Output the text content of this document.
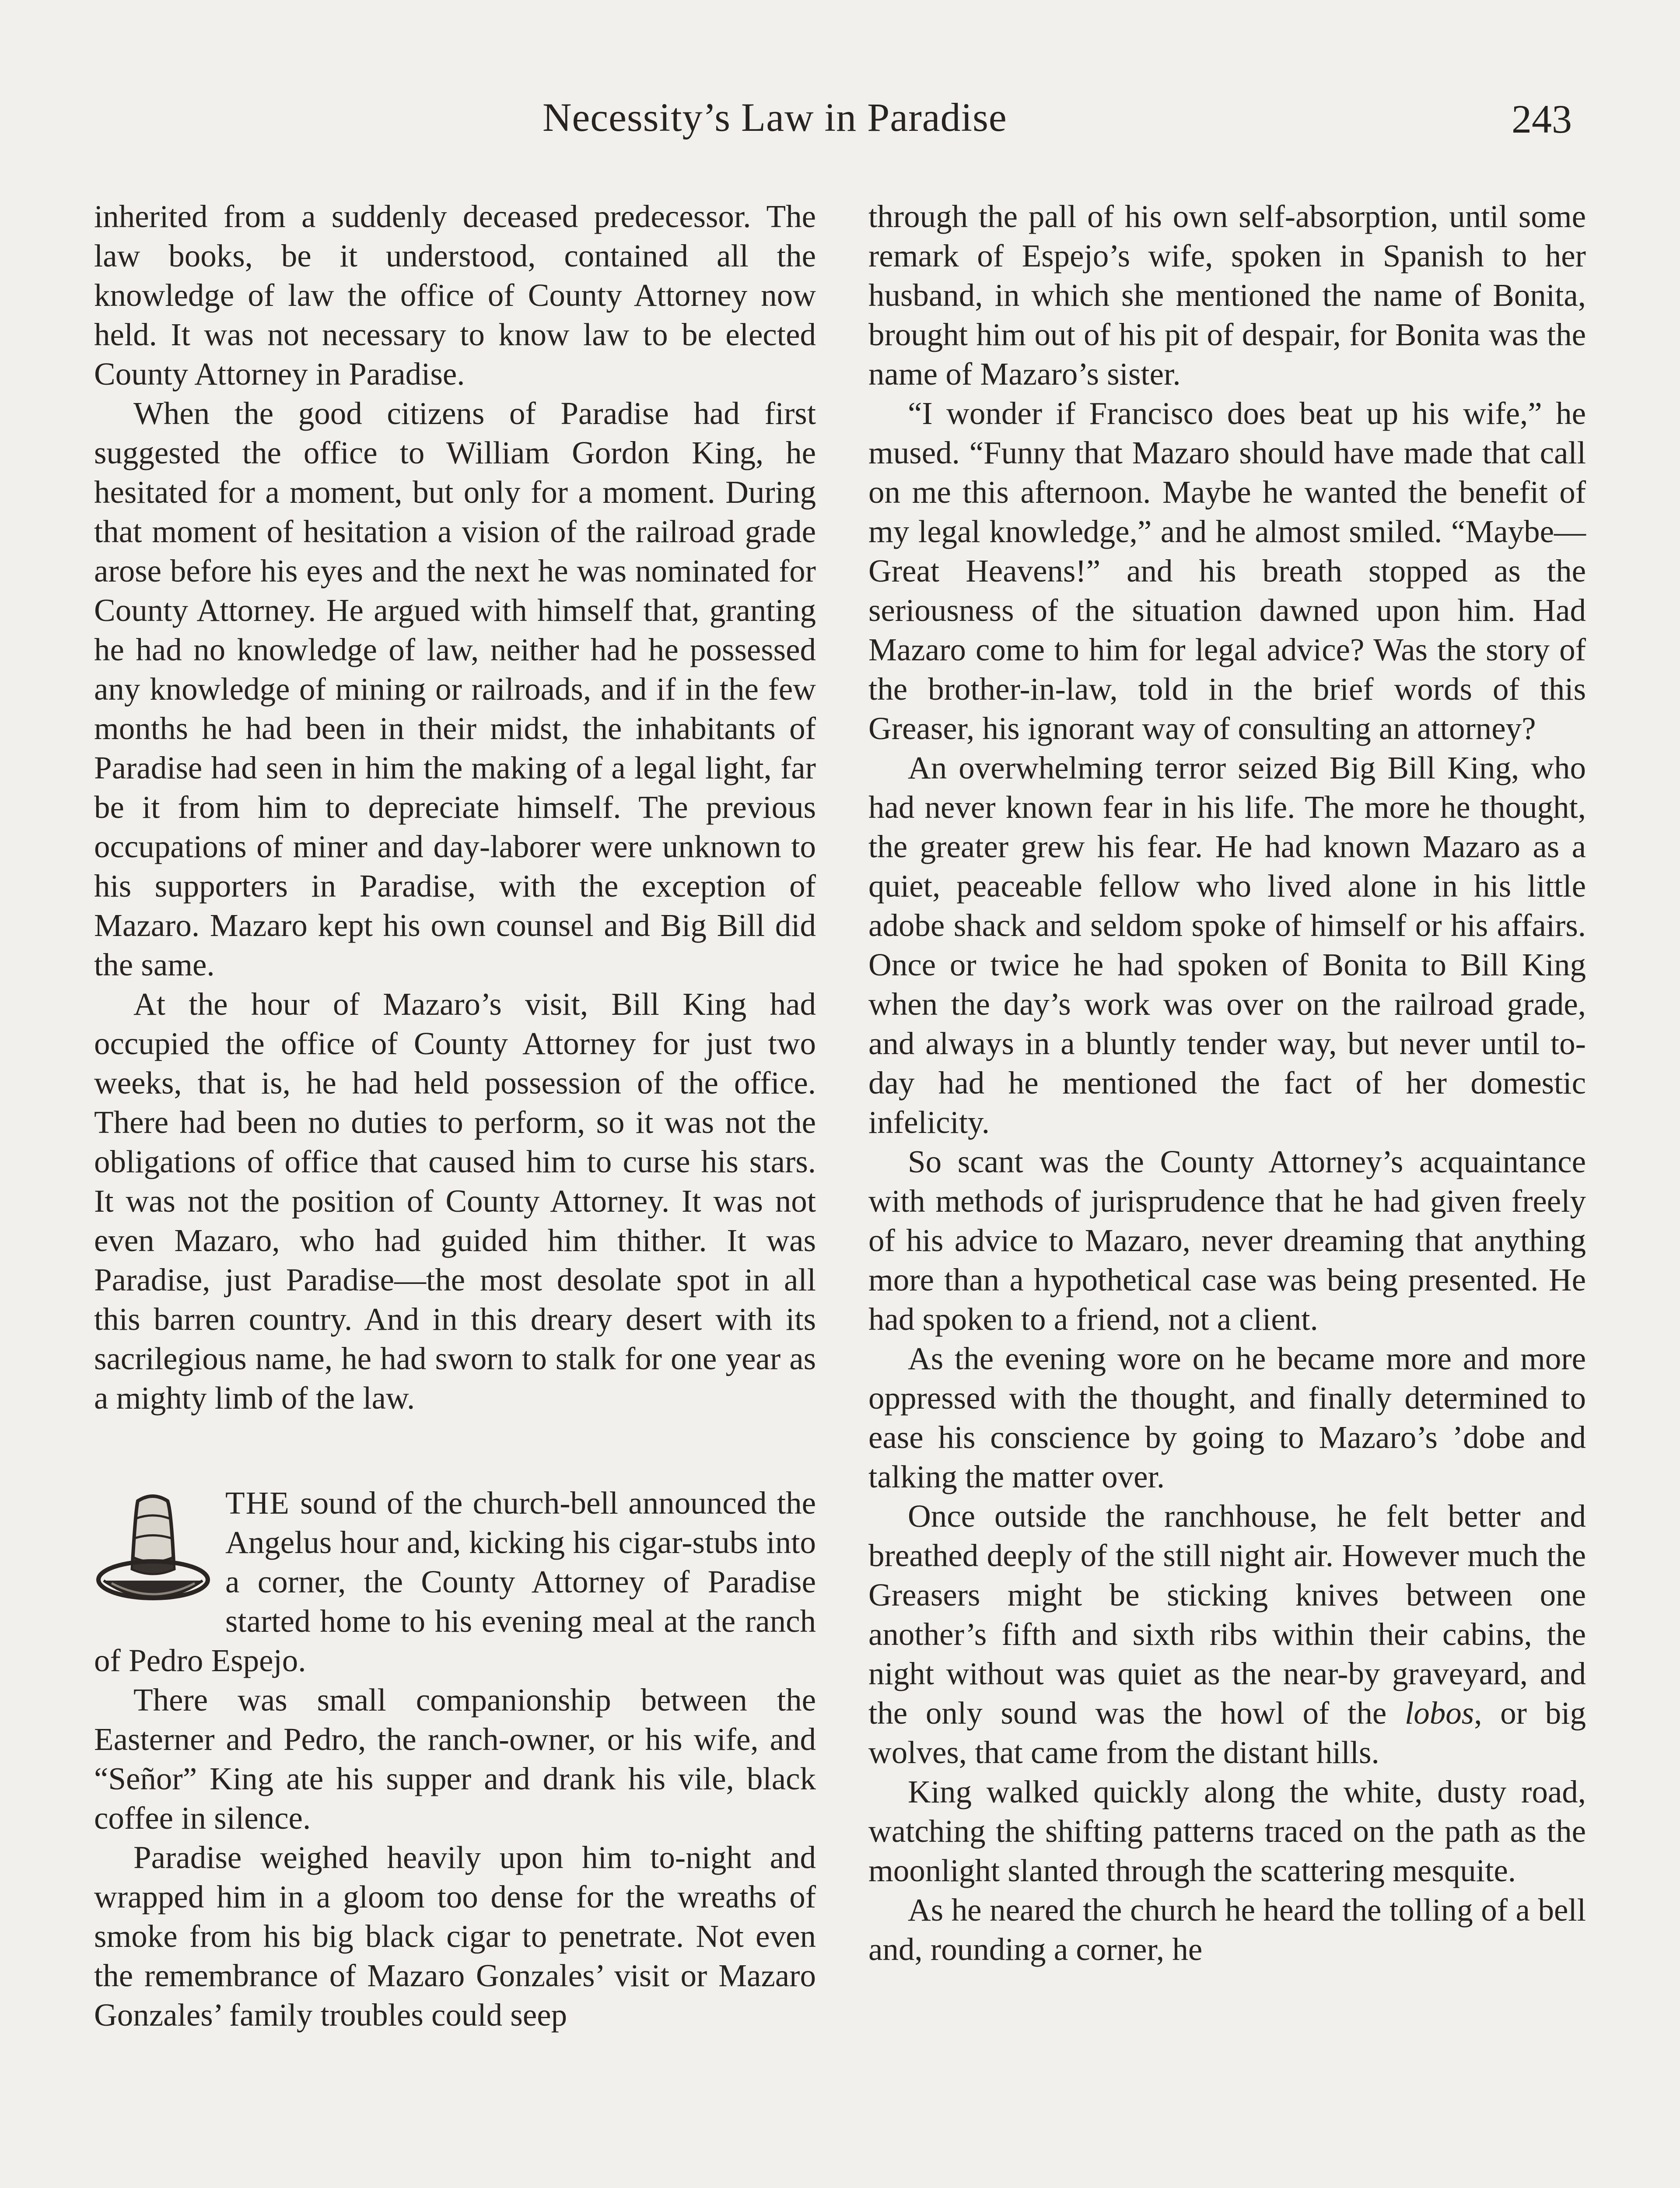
Necessity’s Law in Paradise	243

inherited from a suddenly deceased predecessor. The law books, be it understood, contained all the knowledge of law the office of County Attorney now held. It was not necessary to know law to be elected County Attorney in Paradise.

When the good citizens of Paradise had first suggested the office to William Gordon King, he hesitated for a moment, but only for a moment. During that moment of hesitation a vision of the railroad grade arose before his eyes and the next he was nominated for County Attorney. He argued with himself that, granting he had no knowledge of law, neither had he possessed any knowledge of mining or railroads, and if in the few months he had been in their midst, the inhabitants of Paradise had seen in him the making of a legal light, far be it from him to depreciate himself. The previous occupations of miner and day-laborer were unknown to his supporters in Paradise, with the exception of Mazaro. Mazaro kept his own counsel and Big Bill did the same.

At the hour of Mazaro’s visit, Bill King had occupied the office of County Attorney for just two weeks, that is, he had held possession of the office. There had been no duties to perform, so it was not the obligations of office that caused him to curse his stars. It was not the position of County Attorney. It was not even Mazaro, who had guided him thither. It was Paradise, just Paradise—the most desolate spot in all this barren country. And in this dreary desert with its sacrilegious name, he had sworn to stalk for one year as a mighty limb of the law.

THE sound of the church-bell announced the Angelus hour and, kicking his cigar-stubs into a corner, the County Attorney of Paradise started home to his evening meal at the ranch of Pedro Espejo.

There was small companionship between the Easterner and Pedro, the ranch-owner, or his wife, and “Señor” King ate his supper and drank his vile, black coffee in silence.

Paradise weighed heavily upon him to-night and wrapped him in a gloom too dense for the wreaths of smoke from his big black cigar to penetrate. Not even the remembrance of Mazaro Gonzales’ visit or Mazaro Gonzales’ family troubles could seep

through the pall of his own self-absorption, until some remark of Espejo’s wife, spoken in Spanish to her husband, in which she mentioned the name of Bonita, brought him out of his pit of despair, for Bonita was the name of Mazaro’s sister.

“I wonder if Francisco does beat up his wife,” he mused. “Funny that Mazaro should have made that call on me this afternoon. Maybe he wanted the benefit of my legal knowledge,” and he almost smiled. “Maybe—Great Heavens!” and his breath stopped as the seriousness of the situation dawned upon him. Had Mazaro come to him for legal advice? Was the story of the brother-in-law, told in the brief words of this Greaser, his ignorant way of consulting an attorney?

An overwhelming terror seized Big Bill King, who had never known fear in his life. The more he thought, the greater grew his fear. He had known Mazaro as a quiet, peaceable fellow who lived alone in his little adobe shack and seldom spoke of himself or his affairs. Once or twice he had spoken of Bonita to Bill King when the day’s work was over on the railroad grade, and always in a bluntly tender way, but never until to-day had he mentioned the fact of her domestic infelicity.

So scant was the County Attorney’s acquaintance with methods of jurisprudence that he had given freely of his advice to Mazaro, never dreaming that anything more than a hypothetical case was being presented. He had spoken to a friend, not a client.

As the evening wore on he became more and more oppressed with the thought, and finally determined to ease his conscience by going to Mazaro’s ’dobe and talking the matter over.

Once outside the ranchhouse, he felt better and breathed deeply of the still night air. However much the Greasers might be sticking knives between one another’s fifth and sixth ribs within their cabins, the night without was quiet as the near-by graveyard, and the only sound was the howl of the lobos, or big wolves, that came from the distant hills.

King walked quickly along the white, dusty road, watching the shifting patterns traced on the path as the moonlight slanted through the scattering mesquite.

As he neared the church he heard the tolling of a bell and, rounding a corner, he
